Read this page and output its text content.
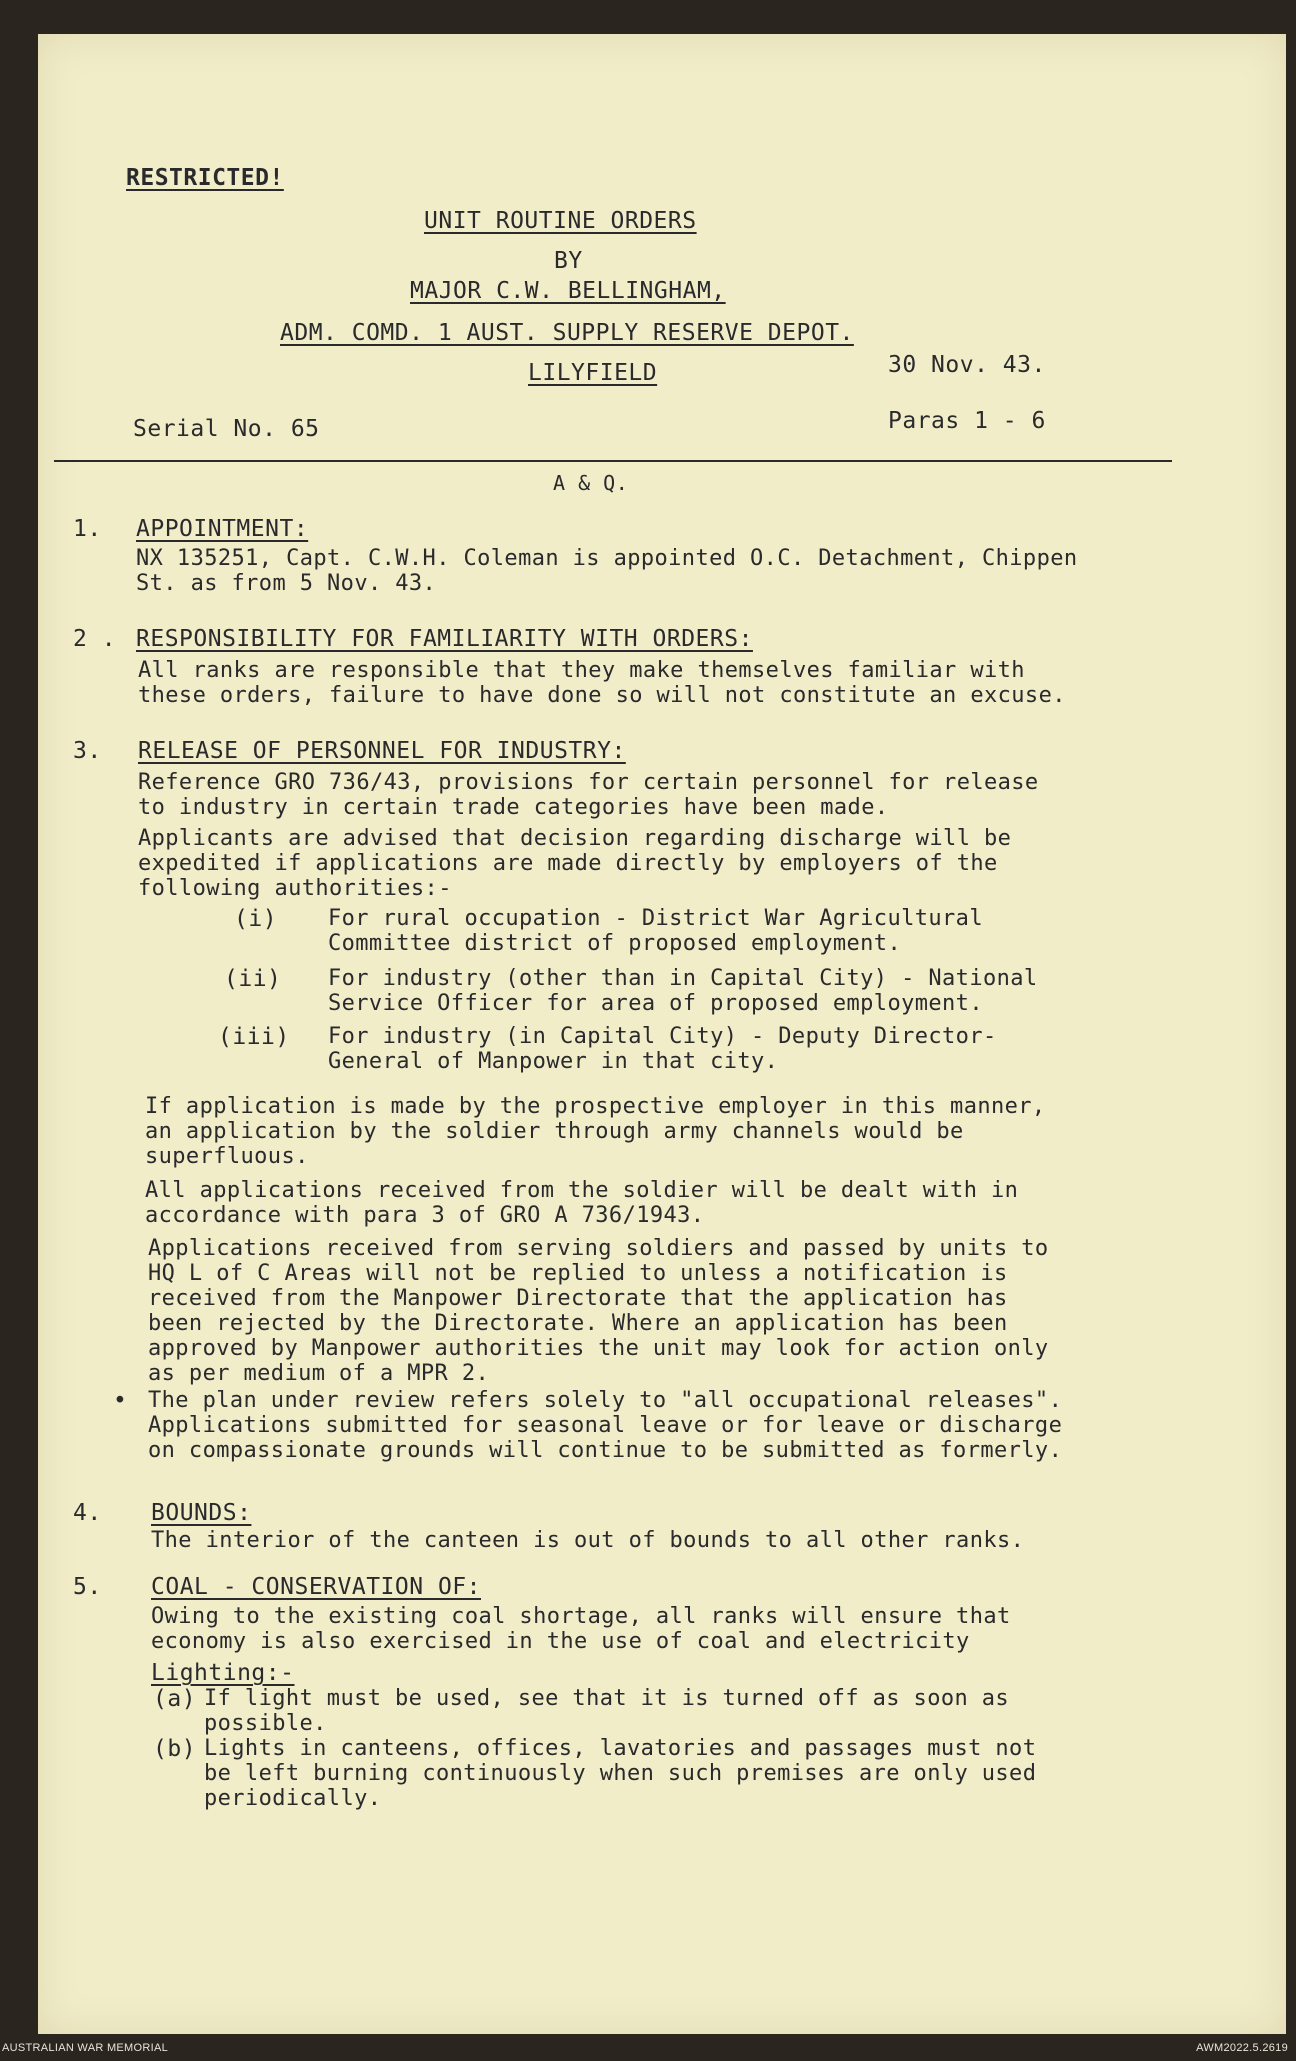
RESTRICTED!
UNIT ROUTINE ORDERS
BY
MAJOR C.W. BELLINGHAM,
ADM. COMD. 1 AUST. SUPPLY RESERVE DEPOT.
LILYFIELD	30 Nov. 43.
Serial No. 65	Paras 1 - 6
A & Q.
1. APPOINTMENT:
NX 135251, Capt. C.W.H. Coleman is appointed O.C. Detachment, Chippen
St. as from 5 Nov. 43.
2 . RESPONSIBILITY FOR FAMILIARITY WITH ORDERS:
All ranks are responsible that they make themselves familiar with
these orders, failure to have done so will not constitute an excuse.
3. RELEASE OF PERSONNEL FOR INDUSTRY:
Reference GRO 736/43, provisions for certain personnel for release
to industry in certain trade categories have been made.
Applicants are advised that decision regarding discharge will be
expedited if applications are made directly by employers of the
following authorities:-
(i) For rural occupation - District War Agricultural
Committee district of proposed employment.
(ii) For industry (other than in Capital City) - National
Service Officer for area of proposed employment.
(iii) For industry (in Capital City) - Deputy Director-
General of Manpower in that city.
If application is made by the prospective employer in this manner,
an application by the soldier through army channels would be
superfluous.
All applications received from the soldier will be dealt with in
accordance with para 3 of GRO A 736/1943.
Applications received from serving soldiers and passed by units to
HQ L of C Areas will not be replied to unless a notification is
received from the Manpower Directorate that the application has
been rejected by the Directorate. Where an application has been
approved by Manpower authorities the unit may look for action only
as per medium of a MPR 2.
• The plan under review refers solely to "all occupational releases".
Applications submitted for seasonal leave or for leave or discharge
on compassionate grounds will continue to be submitted as formerly.
4. BOUNDS:
The interior of the canteen is out of bounds to all other ranks.
5. COAL - CONSERVATION OF:
Owing to the existing coal shortage, all ranks will ensure that
economy is also exercised in the use of coal and electricity
Lighting:-
(a) If light must be used, see that it is turned off as soon as
possible.
(b) Lights in canteens, offices, lavatories and passages must not
be left burning continuously when such premises are only used
periodically.
AUSTRALIAN WAR MEMORIAL	AWM2022.5.2619
